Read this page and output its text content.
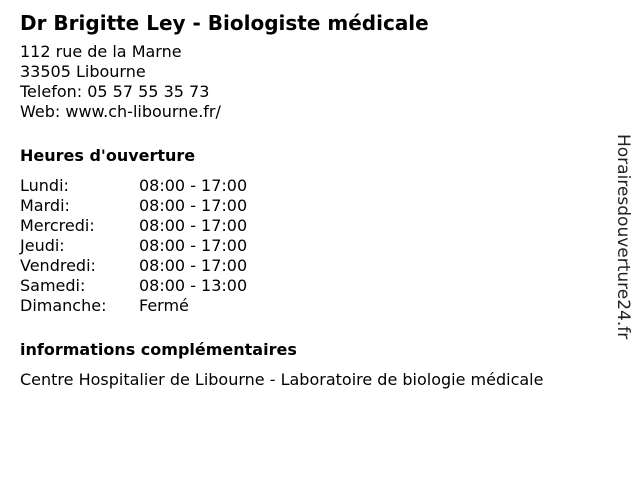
Dr Brigitte Ley - Biologiste médicale
112 rue de la Marne
33505 Libourne
Telefon: 05 57 55 35 73
Web: www.ch-libourne.fr/
Heures d'ouverture
Lundi:	08:00 - 17:00
Mardi:	08:00 - 17:00
Mercredi:	08:00 - 17:00
Jeudi:	08:00 - 17:00
Vendredi:	08:00 - 17:00
Samedi:	08:00 - 13:00
Dimanche:	Fermé
informations complémentaires
Centre Hospitalier de Libourne - Laboratoire de biologie médicale
Horairesdouverture24.fr
